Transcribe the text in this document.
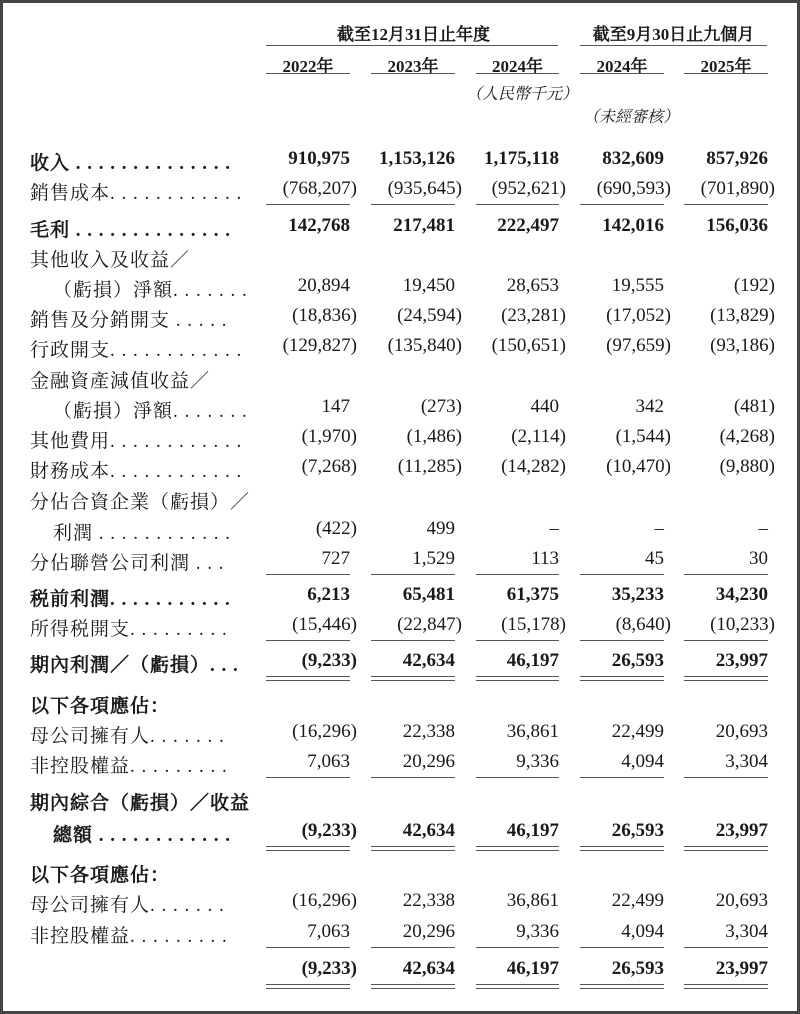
截至12月31日止年度	截至9月30日止九個月
2022年	2023年	2024年	2024年	2025年
（人民幣千元）
（未經審核）
收入 . . . . . . . . . . . . . .	910,975	1,153,126	1,175,118	832,609	857,926
銷售成本. . . . . . . . . . . .	(768,207)	(935,645)	(952,621)	(690,593)	(701,890)
毛利 . . . . . . . . . . . . . .	142,768	217,481	222,497	142,016	156,036
其他收入及收益／
（虧損）淨額. . . . . . .	20,894	19,450	28,653	19,555	(192)
銷售及分銷開支 . . . . .	(18,836)	(24,594)	(23,281)	(17,052)	(13,829)
行政開支. . . . . . . . . . . .	(129,827)	(135,840)	(150,651)	(97,659)	(93,186)
金融資產減值收益／
（虧損）淨額. . . . . . .	147	(273)	440	342	(481)
其他費用. . . . . . . . . . . .	(1,970)	(1,486)	(2,114)	(1,544)	(4,268)
財務成本. . . . . . . . . . . .	(7,268)	(11,285)	(14,282)	(10,470)	(9,880)
分佔合資企業（虧損）／
利潤 . . . . . . . . . . . .	(422)	499	–	–	–
分佔聯營公司利潤 . . .	727	1,529	113	45	30
税前利潤. . . . . . . . . . .	6,213	65,481	61,375	35,233	34,230
所得税開支. . . . . . . . .	(15,446)	(22,847)	(15,178)	(8,640)	(10,233)
期內利潤／（虧損）. . .	(9,233)	42,634	46,197	26,593	23,997
以下各項應佔：
母公司擁有人. . . . . . .	(16,296)	22,338	36,861	22,499	20,693
非控股權益. . . . . . . . .	7,063	20,296	9,336	4,094	3,304
期內綜合（虧損）／收益
總額 . . . . . . . . . . . .	(9,233)	42,634	46,197	26,593	23,997
以下各項應佔：
母公司擁有人. . . . . . .	(16,296)	22,338	36,861	22,499	20,693
非控股權益. . . . . . . . .	7,063	20,296	9,336	4,094	3,304
(9,233)	42,634	46,197	26,593	23,997
